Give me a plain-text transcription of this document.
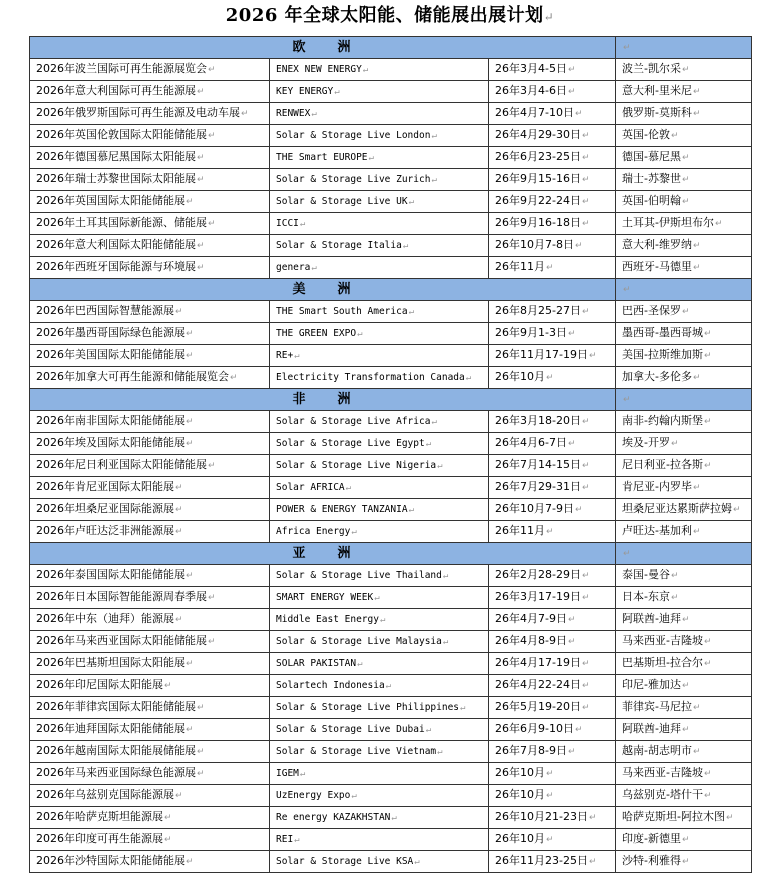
2026 年全球太阳能、储能展出展计划↵
欧　　洲			↵
2026年波兰国际可再生能源展览会↵	ENEX NEW ENERGY↵	26年3月4-5日↵	波兰-凯尔采↵
2026年意大利国际可再生能源展↵	KEY ENERGY↵	26年3月4-6日↵	意大利-里米尼↵
2026年俄罗斯国际可再生能源及电动车展↵	RENWEX↵	26年4月7-10日↵	俄罗斯-莫斯科↵
2026年英国伦敦国际太阳能储能展↵	Solar & Storage Live London↵	26年4月29-30日↵	英国-伦敦↵
2026年德国慕尼黑国际太阳能展↵	THE Smart EUROPE↵	26年6月23-25日↵	德国-慕尼黑↵
2026年瑞士苏黎世国际太阳能展↵	Solar & Storage Live Zurich↵	26年9月15-16日↵	瑞士-苏黎世↵
2026年英国国际太阳能储能展↵	Solar & Storage Live UK↵	26年9月22-24日↵	英国-伯明翰↵
2026年土耳其国际新能源、储能展↵	ICCI↵	26年9月16-18日↵	土耳其-伊斯坦布尔↵
2026年意大利国际太阳能储能展↵	Solar & Storage Italia↵	26年10月7-8日↵	意大利-维罗纳↵
2026年西班牙国际能源与环境展↵	genera↵	26年11月↵	西班牙-马德里↵
美　　洲			↵
2026年巴西国际智慧能源展↵	THE Smart South America↵	26年8月25-27日↵	巴西-圣保罗↵
2026年墨西哥国际绿色能源展↵	THE GREEN EXPO↵	26年9月1-3日↵	墨西哥-墨西哥城↵
2026年美国国际太阳能储能展↵	RE+↵	26年11月17-19日↵	美国-拉斯维加斯↵
2026年加拿大可再生能源和储能展览会↵	Electricity Transformation Canada↵	26年10月↵	加拿大-多伦多↵
非　　洲			↵
2026年南非国际太阳能储能展↵	Solar & Storage Live Africa↵	26年3月18-20日↵	南非-约翰内斯堡↵
2026年埃及国际太阳能储能展↵	Solar & Storage Live Egypt↵	26年4月6-7日↵	埃及-开罗↵
2026年尼日利亚国际太阳能储能展↵	Solar & Storage Live Nigeria↵	26年7月14-15日↵	尼日利亚-拉各斯↵
2026年肯尼亚国际太阳能展↵	Solar AFRICA↵	26年7月29-31日↵	肯尼亚-内罗毕↵
2026年坦桑尼亚国际能源展↵	POWER & ENERGY TANZANIA↵	26年10月7-9日↵	坦桑尼亚达累斯萨拉姆↵
2026年卢旺达泛非洲能源展↵	Africa Energy↵	26年11月↵	卢旺达-基加利↵
亚　　洲			↵
2026年泰国国际太阳能储能展↵	Solar & Storage Live Thailand↵	26年2月28-29日↵	泰国-曼谷↵
2026年日本国际智能能源周春季展↵	SMART ENERGY WEEK↵	26年3月17-19日↵	日本-东京↵
2026年中东（迪拜）能源展↵	Middle East Energy↵	26年4月7-9日↵	阿联酋-迪拜↵
2026年马来西亚国际太阳能储能展↵	Solar & Storage Live Malaysia↵	26年4月8-9日↵	马来西亚-吉隆坡↵
2026年巴基斯坦国际太阳能展↵	SOLAR PAKISTAN↵	26年4月17-19日↵	巴基斯坦-拉合尔↵
2026年印尼国际太阳能展↵	Solartech Indonesia↵	26年4月22-24日↵	印尼-雅加达↵
2026年菲律宾国际太阳能储能展↵	Solar & Storage Live Philippines↵	26年5月19-20日↵	菲律宾-马尼拉↵
2026年迪拜国际太阳能储能展↵	Solar & Storage Live Dubai↵	26年6月9-10日↵	阿联酋-迪拜↵
2026年越南国际太阳能展储能展↵	Solar & Storage Live Vietnam↵	26年7月8-9日↵	越南-胡志明市↵
2026年马来西亚国际绿色能源展↵	IGEM↵	26年10月↵	马来西亚-吉隆坡↵
2026年乌兹别克国际能源展↵	UzEnergy Expo↵	26年10月↵	乌兹别克-塔什干↵
2026年哈萨克斯坦能源展↵	Re energy KAZAKHSTAN↵	26年10月21-23日↵	哈萨克斯坦-阿拉木图↵
2026年印度可再生能源展↵	REI↵	26年10月↵	印度-新德里↵
2026年沙特国际太阳能储能展↵	Solar & Storage Live KSA↵	26年11月23-25日↵	沙特-利雅得↵
